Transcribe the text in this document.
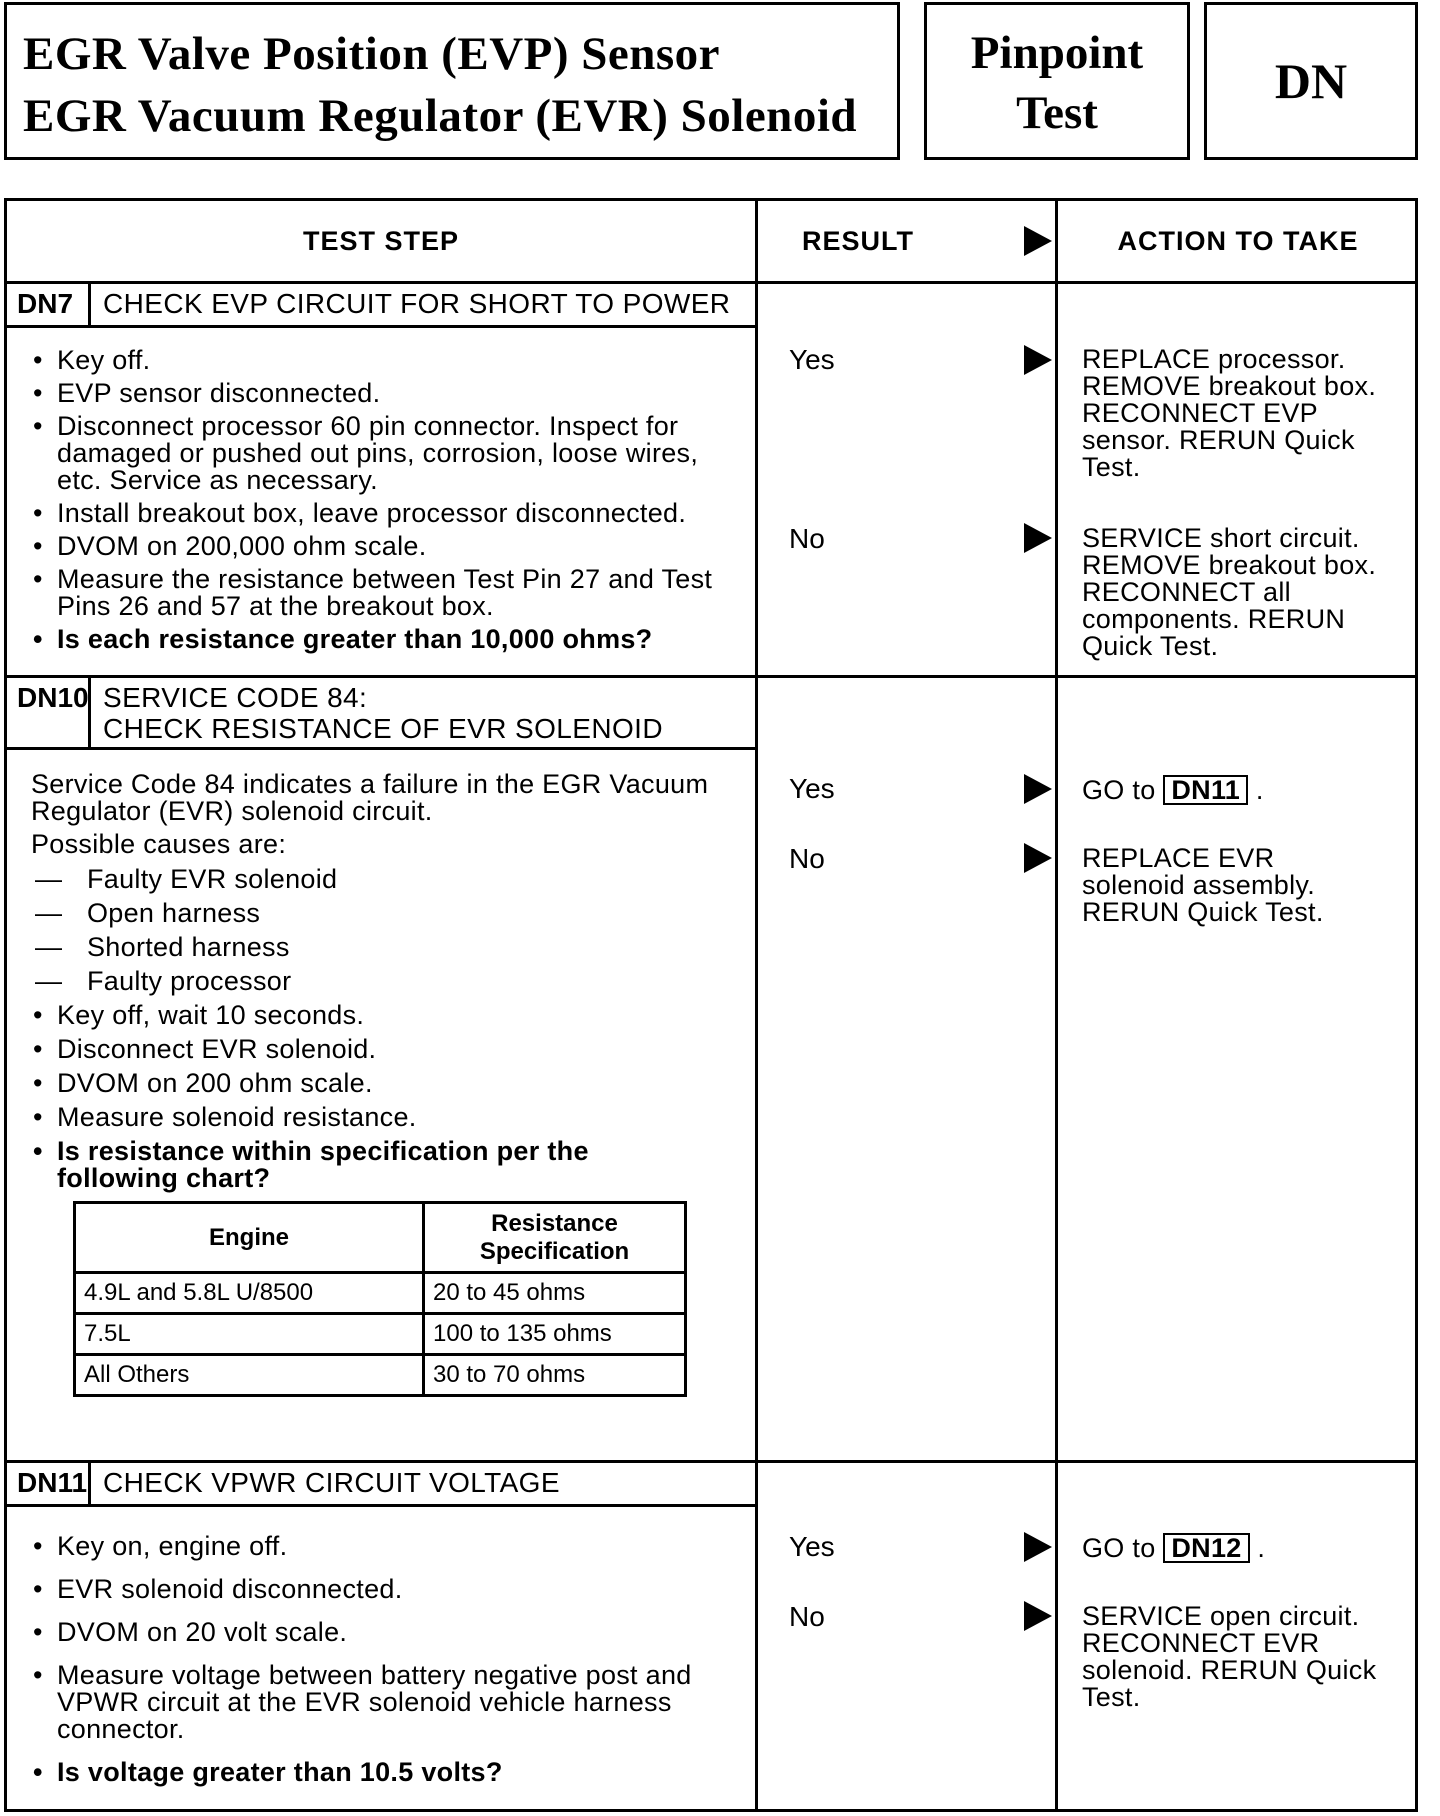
EGR Valve Position (EVP) Sensor
EGR Vacuum Regulator (EVR) Solenoid
Pinpoint
Test
DN
TEST STEP	RESULT	ACTION TO TAKE
DN7	CHECK EVP CIRCUIT FOR SHORT TO POWER
• Key off.
• EVP sensor disconnected.
• Disconnect processor 60 pin connector. Inspect for damaged or pushed out pins, corrosion, loose wires, etc. Service as necessary.
• Install breakout box, leave processor disconnected.
• DVOM on 200,000 ohm scale.
• Measure the resistance between Test Pin 27 and Test Pins 26 and 57 at the breakout box.
• Is each resistance greater than 10,000 ohms?
Yes	REPLACE processor. REMOVE breakout box. RECONNECT EVP sensor. RERUN Quick Test.
No	SERVICE short circuit. REMOVE breakout box. RECONNECT all components. RERUN Quick Test.
DN10 SERVICE CODE 84:
CHECK RESISTANCE OF EVR SOLENOID
Service Code 84 indicates a failure in the EGR Vacuum Regulator (EVR) solenoid circuit.
Possible causes are:
— Faulty EVR solenoid
— Open harness
— Shorted harness
— Faulty processor
• Key off, wait 10 seconds.
• Disconnect EVR solenoid.
• DVOM on 200 ohm scale.
• Measure solenoid resistance.
• Is resistance within specification per the following chart?
Engine	Resistance Specification
4.9L and 5.8L U/8500	20 to 45 ohms
7.5L	100 to 135 ohms
All Others	30 to 70 ohms
Yes	GO to DN11 .
No	REPLACE EVR solenoid assembly. RERUN Quick Test.
DN11 CHECK VPWR CIRCUIT VOLTAGE
• Key on, engine off.
• EVR solenoid disconnected.
• DVOM on 20 volt scale.
• Measure voltage between battery negative post and VPWR circuit at the EVR solenoid vehicle harness connector.
• Is voltage greater than 10.5 volts?
Yes	GO to DN12 .
No	SERVICE open circuit. RECONNECT EVR solenoid. RERUN Quick Test.
